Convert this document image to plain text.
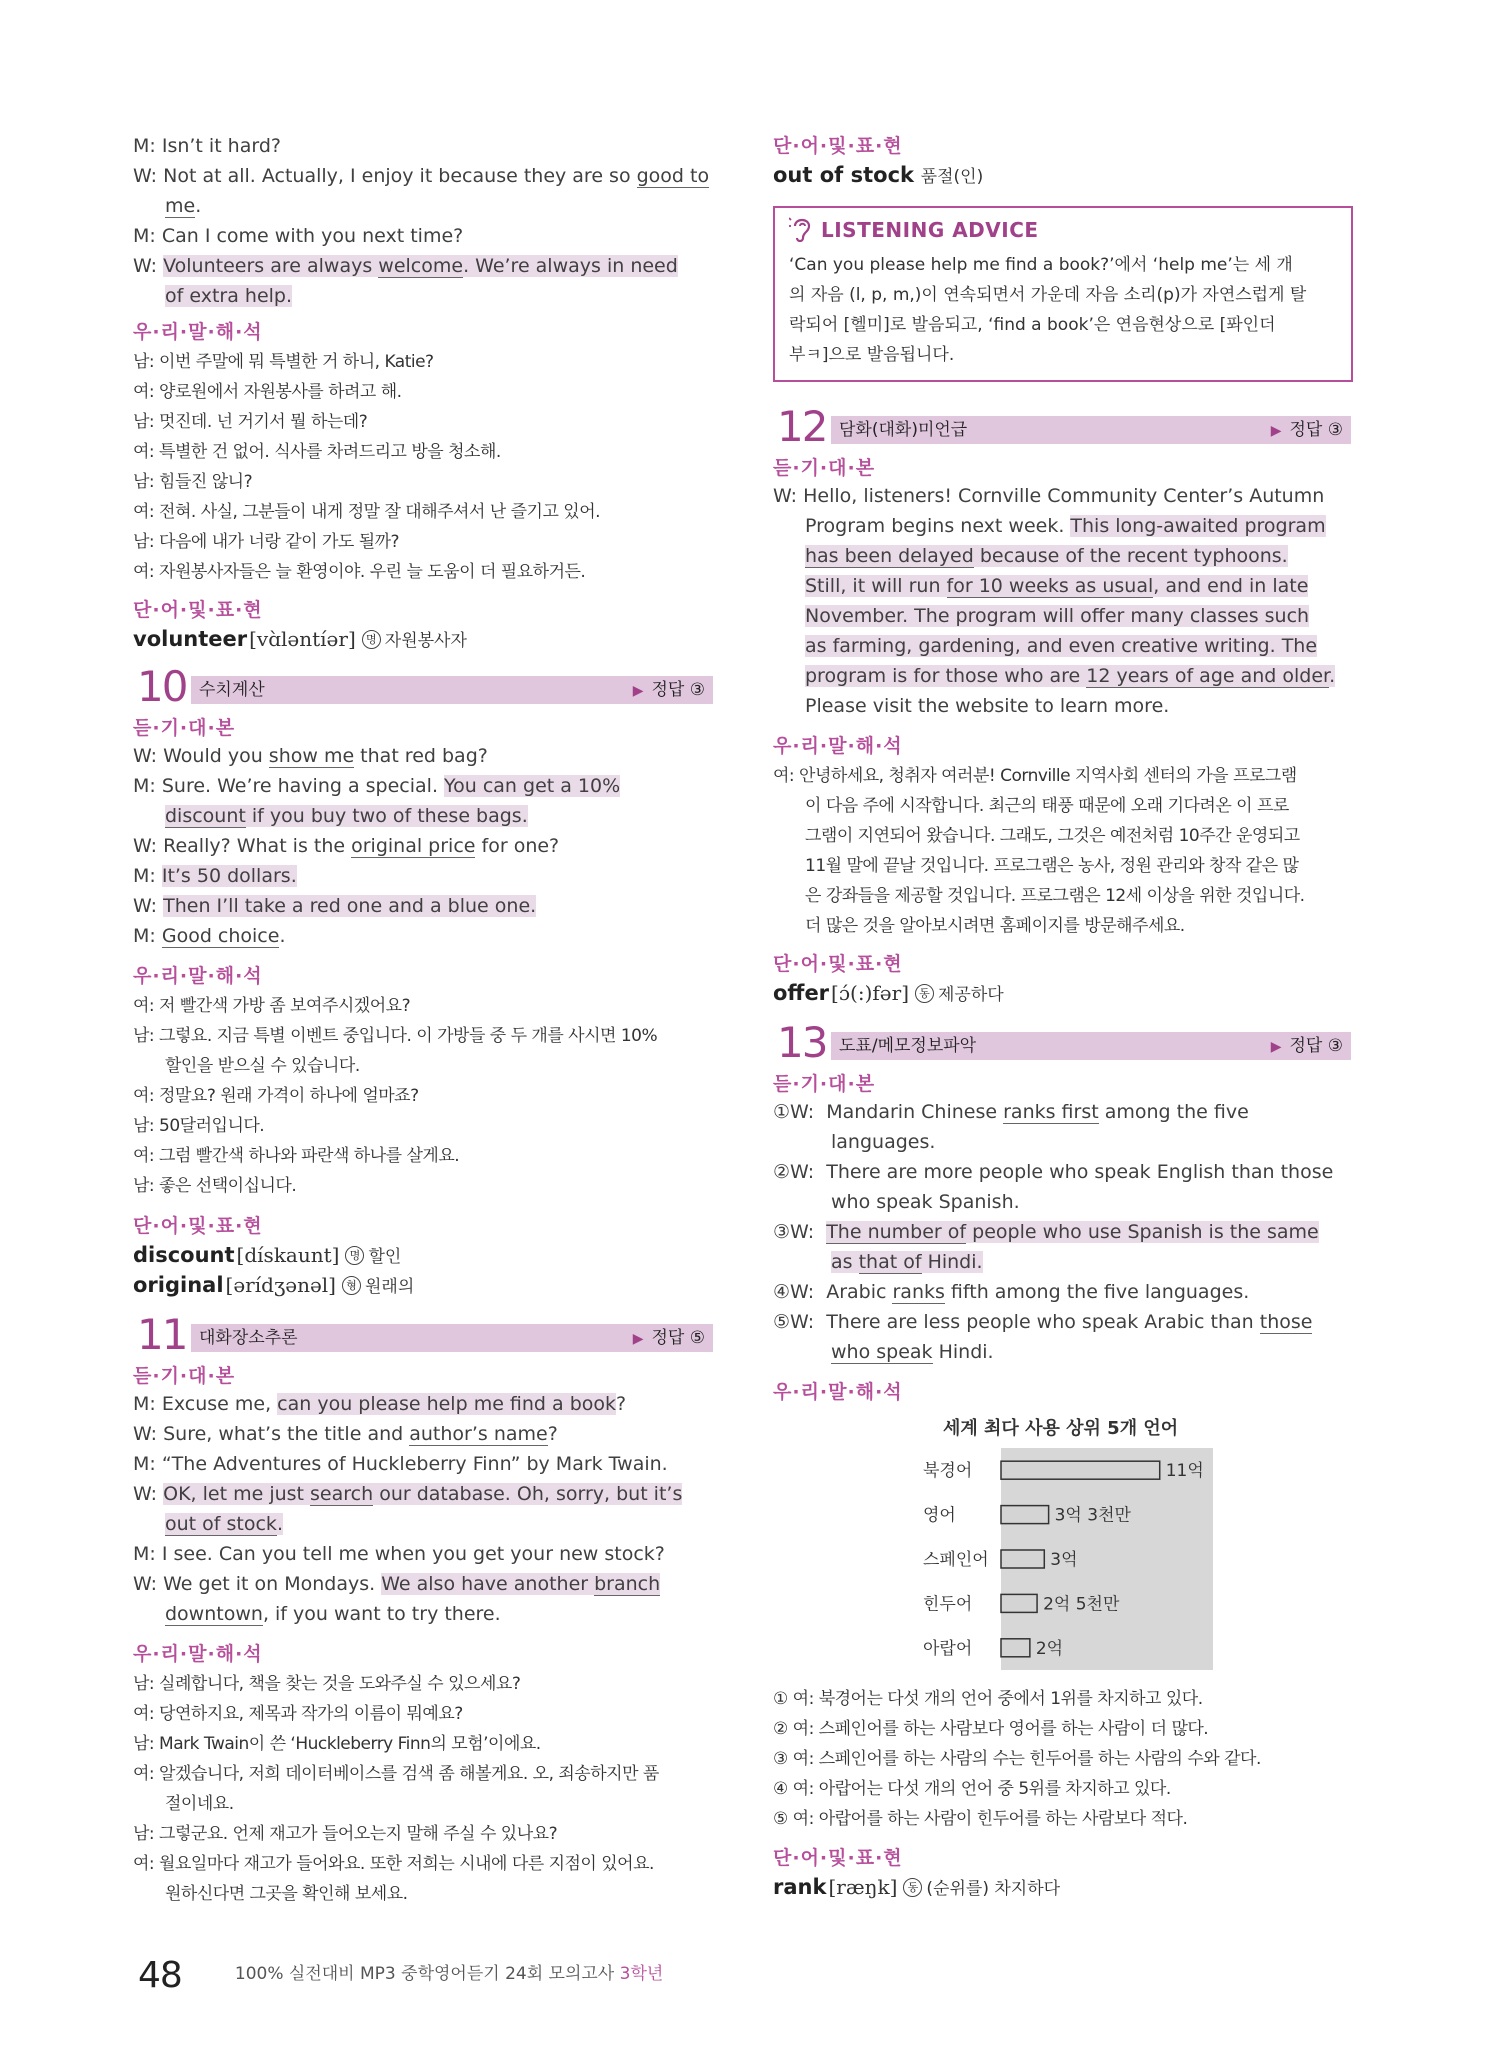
M: Isn’t it hard?
W: Not at all. Actually, I enjoy it because they are so good to
me.
M: Can I come with you next time?
W: Volunteers are always welcome. We’re always in need
of extra help.
우·리·말·해·석
남: 이번 주말에 뭐 특별한 거 하니, Katie?
여: 양로원에서 자원봉사를 하려고 해.
남: 멋진데. 넌 거기서 뭘 하는데?
여: 특별한 건 없어. 식사를 차려드리고 방을 청소해.
남: 힘들진 않니?
여: 전혀. 사실, 그분들이 내게 정말 잘 대해주셔서 난 즐기고 있어.
남: 다음에 내가 너랑 같이 가도 될까?
여: 자원봉사자들은 늘 환영이야. 우린 늘 도움이 더 필요하거든.
단·어·및·표·현
volunteer [vɑ̀ləntíər] 명 자원봉사자
10 수치계산	▶ 정답 ③
듣·기·대·본
W: Would you show me that red bag?
M: Sure. We’re having a special. You can get a 10%
discount if you buy two of these bags.
W: Really? What is the original price for one?
M: It’s 50 dollars.
W: Then I’ll take a red one and a blue one.
M: Good choice.
우·리·말·해·석
여: 저 빨간색 가방 좀 보여주시겠어요?
남: 그렇요. 지금 특별 이벤트 중입니다. 이 가방들 중 두 개를 사시면 10%
할인을 받으실 수 있습니다.
여: 정말요? 원래 가격이 하나에 얼마죠?
남: 50달러입니다.
여: 그럼 빨간색 하나와 파란색 하나를 살게요.
남: 좋은 선택이십니다.
단·어·및·표·현
discount [dískaunt] 명 할인
original [ərídʒənəl] 형 원래의
11 대화장소추론	▶ 정답 ⑤
듣·기·대·본
M: Excuse me, can you please help me find a book?
W: Sure, what’s the title and author’s name?
M: “The Adventures of Huckleberry Finn” by Mark Twain.
W: OK, let me just search our database. Oh, sorry, but it’s
out of stock.
M: I see. Can you tell me when you get your new stock?
W: We get it on Mondays. We also have another branch
downtown, if you want to try there.
우·리·말·해·석
남: 실례합니다, 책을 찾는 것을 도와주실 수 있으세요?
여: 당연하지요, 제목과 작가의 이름이 뭐예요?
남: Mark Twain이 쓴 ‘Huckleberry Finn의 모험’이에요.
여: 알겠습니다, 저희 데이터베이스를 검색 좀 해볼게요. 오, 죄송하지만 품
절이네요.
남: 그렇군요. 언제 재고가 들어오는지 말해 주실 수 있나요?
여: 월요일마다 재고가 들어와요. 또한 저희는 시내에 다른 지점이 있어요.
원하신다면 그곳을 확인해 보세요.
단·어·및·표·현
out of stock 품절(인)
LISTENING ADVICE
‘Can you please help me find a book?’에서 ‘help me’는 세 개
의 자음 (l, p, m,)이 연속되면서 가운데 자음 소리(p)가 자연스럽게 탈
락되어 [헬미]로 발음되고, ‘find a book’은 연음현상으로 [퐈인더
부ㅋ]으로 발음됩니다.
12 담화(대화)미언급	▶ 정답 ③
듣·기·대·본
W: Hello, listeners! Cornville Community Center’s Autumn
Program begins next week. This long-awaited program
has been delayed because of the recent typhoons.
Still, it will run for 10 weeks as usual, and end in late
November. The program will offer many classes such
as farming, gardening, and even creative writing. The
program is for those who are 12 years of age and older.
Please visit the website to learn more.
우·리·말·해·석
여: 안녕하세요, 청취자 여러분! Cornville 지역사회 센터의 가을 프로그램
이 다음 주에 시작합니다. 최근의 태풍 때문에 오래 기다려온 이 프로
그램이 지연되어 왔습니다. 그래도, 그것은 예전처럼 10주간 운영되고
11월 말에 끝날 것입니다. 프로그램은 농사, 정원 관리와 창작 같은 많
은 강좌들을 제공할 것입니다. 프로그램은 12세 이상을 위한 것입니다.
더 많은 것을 알아보시려면 홈페이지를 방문해주세요.
단·어·및·표·현
offer [ɔ́(:)fər] 동 제공하다
13 도표/메모정보파악	▶ 정답 ③
듣·기·대·본
①W:  Mandarin Chinese ranks first among the five
languages.
②W: There are more people who speak English than those
who speak Spanish.
③W:  The number of people who use Spanish is the same
as that of Hindi.
④W:  Arabic ranks fifth among the five languages.
⑤W:  There are less people who speak Arabic than those
who speak Hindi.
우·리·말·해·석
세계 최다 사용 상위 5개 언어
북경어	11억
영어	3억 3천만
스페인어	3억
힌두어	2억 5천만
아랍어	2억
① 여: 북경어는 다섯 개의 언어 중에서 1위를 차지하고 있다.
② 여: 스페인어를 하는 사람보다 영어를 하는 사람이 더 많다.
③ 여: 스페인어를 하는 사람의 수는 힌두어를 하는 사람의 수와 같다.
④ 여: 아랍어는 다섯 개의 언어 중 5위를 차지하고 있다.
⑤ 여: 아랍어를 하는 사람이 힌두어를 하는 사람보다 적다.
단·어·및·표·현
rank [ræŋk] 동 (순위를) 차지하다
48	100% 실전대비 MP3 중학영어듣기 24회 모의고사 3학년
